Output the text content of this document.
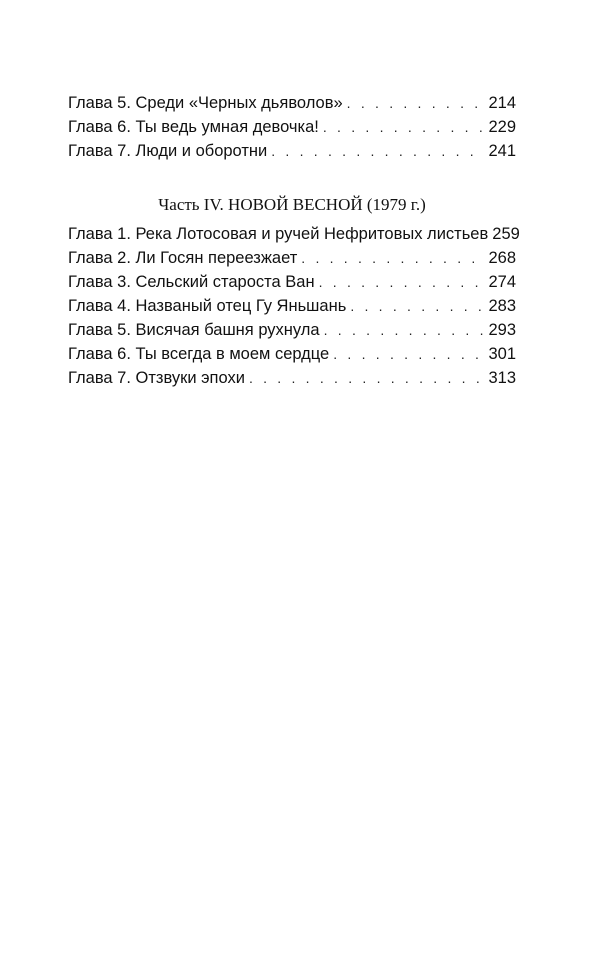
Глава 5. Среди «Черных дьяволов» . . .	214
Глава 6. Ты ведь умная девочка! . . .	229
Глава 7. Люди и оборотни . . .	241
Часть IV. НОВОЙ ВЕСНОЙ (1979 г.)
Глава 1. Река Лотосовая и ручей Нефритовых листьев 259
Глава 2. Ли Госян переезжает . . .	268
Глава 3. Сельский староста Ван . . .	274
Глава 4. Названый отец Гу Яньшань . . .	283
Глава 5. Висячая башня рухнула . . .	293
Глава 6. Ты всегда в моем сердце . . .	301
Глава 7. Отзвуки эпохи . . .	313
